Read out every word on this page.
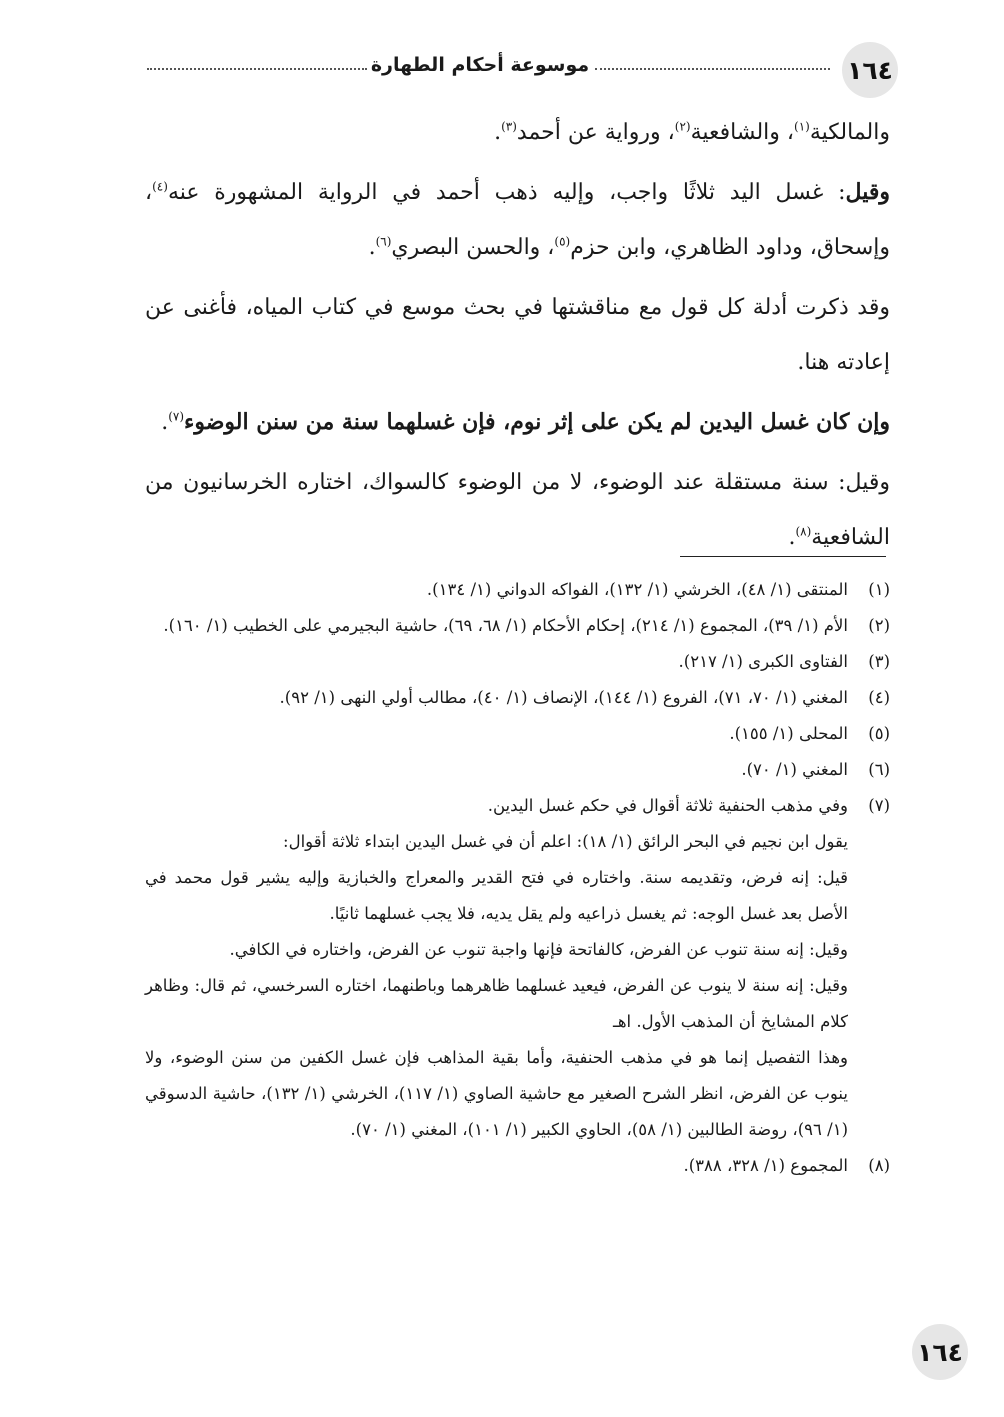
موسوعة أحكام الطهارة	١٦٤

والمالكية$^{(١)}$، والشافعية$^{(٢)}$، ورواية عن أحمد$^{(٣)}$.

وقيل: غسل اليد ثلاثًا واجب، وإليه ذهب أحمد في الرواية المشهورة عنه$^{(٤)}$، وإسحاق، وداود الظاهري، وابن حزم$^{(٥)}$، والحسن البصري$^{(٦)}$.

وقد ذكرت أدلة كل قول مع مناقشتها في بحث موسع في كتاب المياه، فأغنى عن إعادته هنا.

وإن كان غسل اليدين لم يكن على إثر نوم، فإن غسلهما سنة من سنن الوضوء$^{(٧)}$.

وقيل: سنة مستقلة عند الوضوء، لا من الوضوء كالسواك، اختاره الخرسانيون من الشافعية$^{(٨)}$.

(١)
المنتقى (١/ ٤٨)، الخرشي (١/ ١٣٢)، الفواكه الدواني (١/ ١٣٤).
(٢)
الأم (١/ ٣٩)، المجموع (١/ ٢١٤)، إحكام الأحكام (١/ ٦٨، ٦٩)، حاشية البجيرمي على الخطيب (١/ ١٦٠).
(٣)
الفتاوى الكبرى (١/ ٢١٧).
(٤)
المغني (١/ ٧٠، ٧١)، الفروع (١/ ١٤٤)، الإنصاف (١/ ٤٠)، مطالب أولي النهى (١/ ٩٢).
(٥)
المحلى (١/ ١٥٥).
(٦)
المغني (١/ ٧٠).
(٧)
وفي مذهب الحنفية ثلاثة أقوال في حكم غسل اليدين.
يقول ابن نجيم في البحر الرائق (١/ ١٨): اعلم أن في غسل اليدين ابتداء ثلاثة أقوال:
قيل: إنه فرض، وتقديمه سنة. واختاره في فتح القدير والمعراج والخبازية وإليه يشير قول محمد في الأصل بعد غسل الوجه: ثم يغسل ذراعيه ولم يقل يديه، فلا يجب غسلهما ثانيًا.
وقيل: إنه سنة تنوب عن الفرض، كالفاتحة فإنها واجبة تنوب عن الفرض، واختاره في الكافي.
وقيل: إنه سنة لا ينوب عن الفرض، فيعيد غسلهما ظاهرهما وباطنهما، اختاره السرخسي، ثم قال: وظاهر كلام المشايخ أن المذهب الأول. اهـ
وهذا التفصيل إنما هو في مذهب الحنفية، وأما بقية المذاهب فإن غسل الكفين من سنن الوضوء، ولا ينوب عن الفرض، انظر الشرح الصغير مع حاشية الصاوي (١/ ١١٧)، الخرشي (١/ ١٣٢)، حاشية الدسوقي (١/ ٩٦)، روضة الطالبين (١/ ٥٨)، الحاوي الكبير (١/ ١٠١)، المغني (١/ ٧٠).
(٨)
المجموع (١/ ٣٢٨، ٣٨٨).
١٦٤
